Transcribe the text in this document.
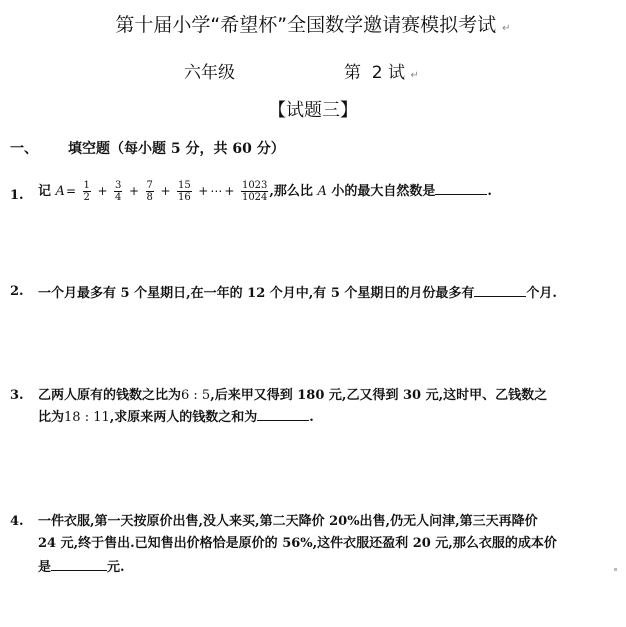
第十届小学“希望杯”全国数学邀请赛模拟考试 ↵
六年级	第  2 试 ↵
【试题三】
一、 填空题（每小题 5 分，共 60 分）
1. 记 $A= \frac{1}{2} + \frac{3}{4} + \frac{7}{8} + \frac{15}{16}$ + ⋯ + $\frac{1023}{1024}$ ,那么比 A 小的最大自然数是	.
2. 一个月最多有 5 个星期日,在一年的 12 个月中,有 5 个星期日的月份最多有	个月.
3. 乙两人原有的钱数之比为6 : 5,后来甲又得到 180 元,乙又得到 30 元,这时甲、乙钱数之
比为18 : 11,求原来两人的钱数之和为	.
4. 一件衣服,第一天按原价出售,没人来买,第二天降价 20%出售,仍无人问津,第三天再降价
24 元,终于售出.已知售出价格恰是原价的 56%,这件衣服还盈利 20 元,那么衣服的成本价
是	元.
